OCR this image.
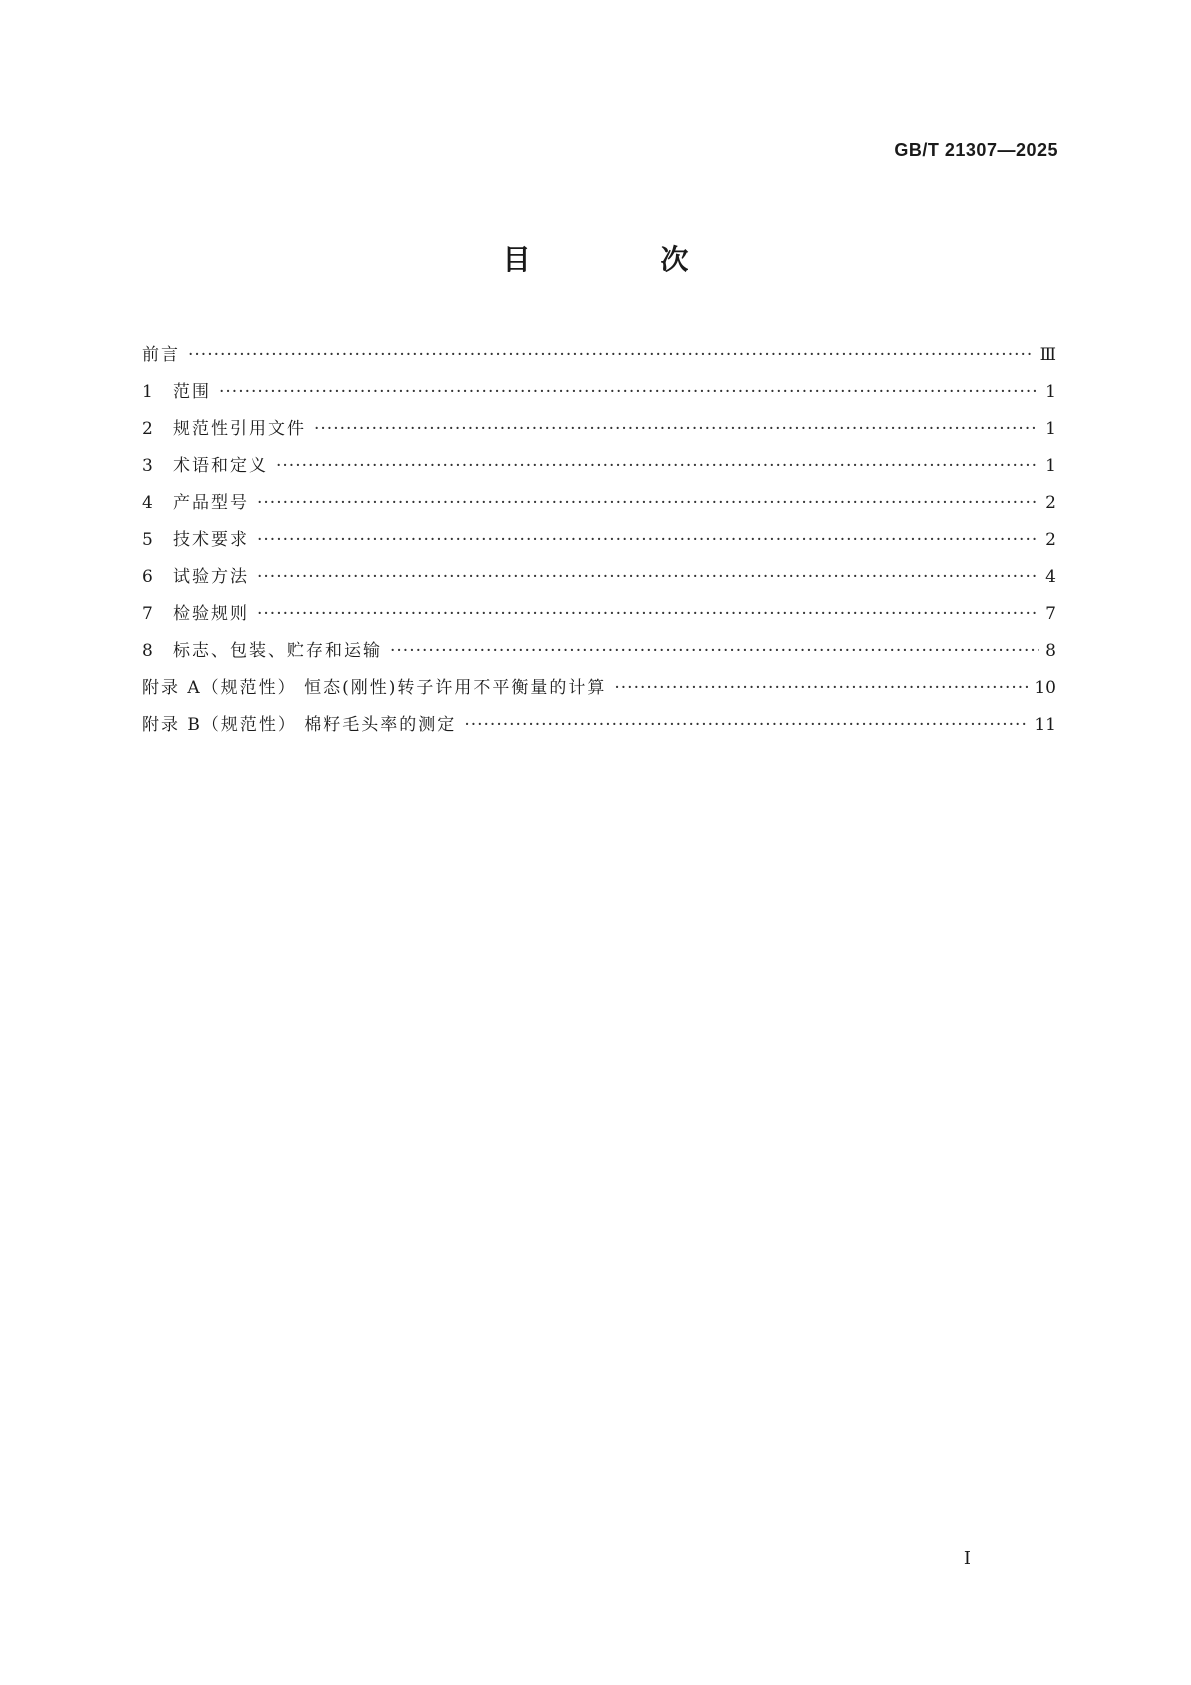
GB/T 21307—2025
目 次
前言 ·····	Ⅲ
1	范围 ·····	1
2	规范性引用文件 ·····	1
3	术语和定义 ·····	1
4	产品型号 ·····	2
5	技术要求 ·····	2
6	试验方法 ·····	4
7	检验规则 ·····	7
8	标志、包装、贮存和运输 ·····	8
附录 A（规范性） 恒态(刚性)转子许用不平衡量的计算 ·····	10
附录 B（规范性） 棉籽毛头率的测定 ·····	11
Ⅰ
